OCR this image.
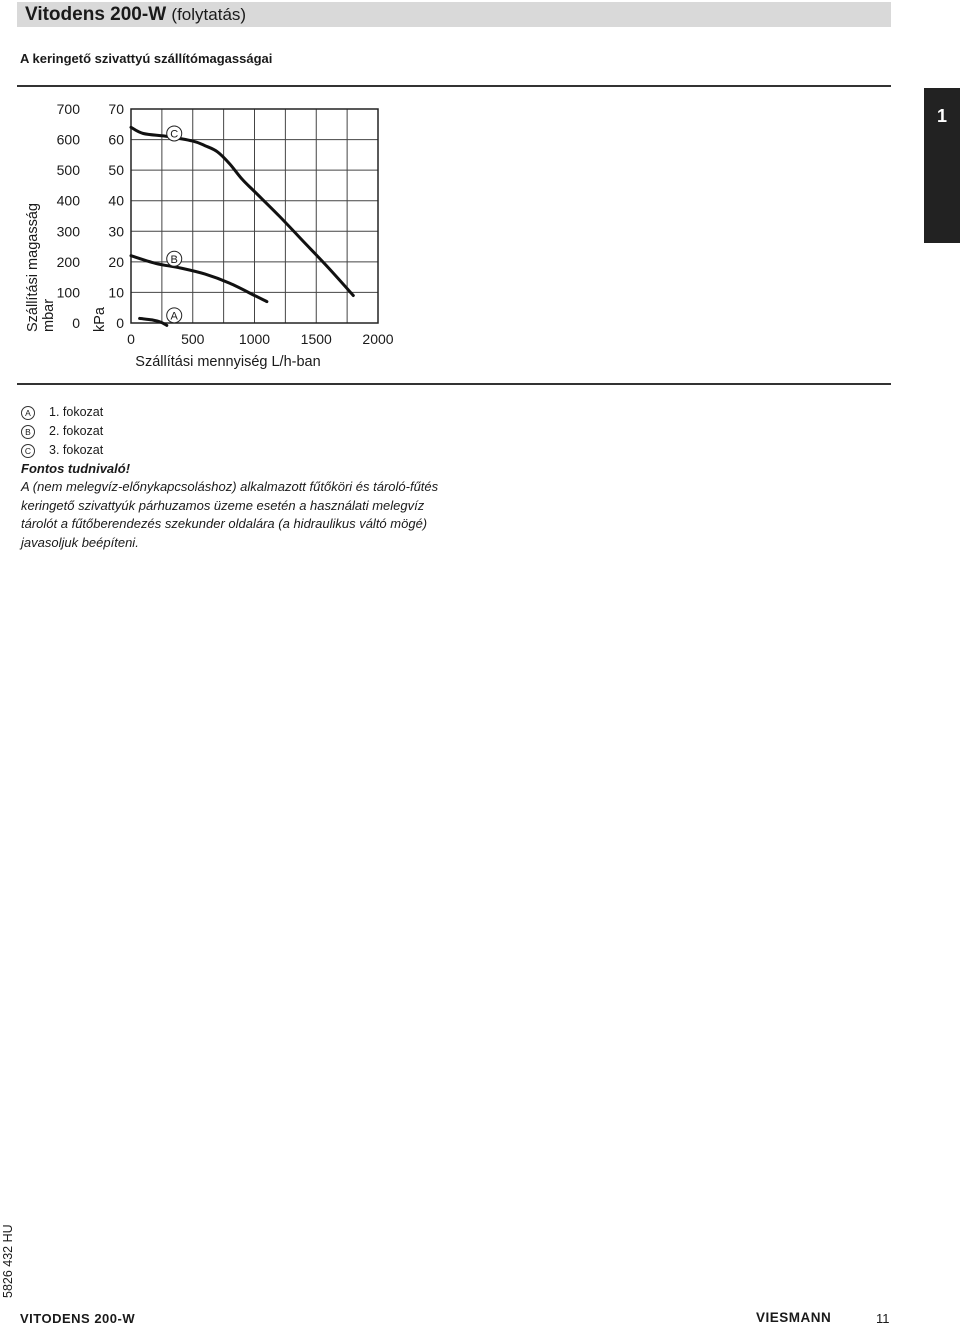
Vitodens 200-W (folytatás)
A keringető szivattyú szállítómagasságai
1
0
10
20
30
40
50
60
70
0
100
200
300
400
500
600
700
0	500 1000 1500 2000
Szállítási mennyiség L/h-ban
Szállítási magasság mbar kPa	A
B
C
A 1. fokozat
B 2. fokozat
C 3. fokozat
Fontos tudnivaló!

A (nem melegvíz-előnykapcsoláshoz) alkalmazott fűtőköri és tároló-fűtés keringető szivattyúk párhuzamos üzeme esetén a használati melegvíz tárolót a fűtőberendezés szekunder oldalára (a hidraulikus váltó mögé) javasoljuk beépíteni.

5826 432 HU
VITODENS 200-W	VIESMANN	11
